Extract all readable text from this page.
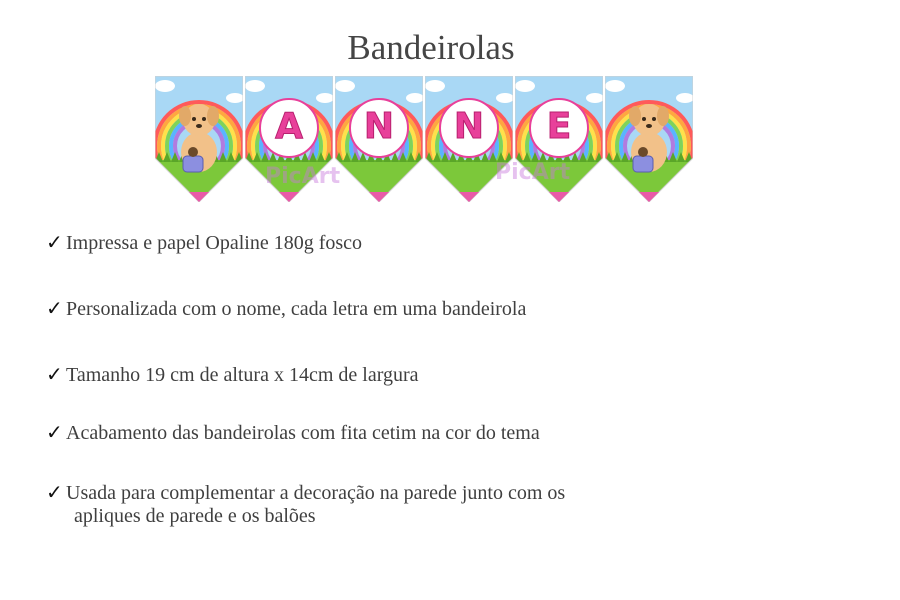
Bandeirolas
A	N	N	E
PicArt	PicArt
✓ Impressa e papel Opaline 180g fosco
✓ Personalizada com o nome, cada letra em uma bandeirola
✓ Tamanho 19 cm de altura x 14cm de largura
✓ Acabamento das bandeirolas com fita cetim na cor do tema
✓ Usada para complementar a decoração na parede junto com os
apliques de parede e os balões
